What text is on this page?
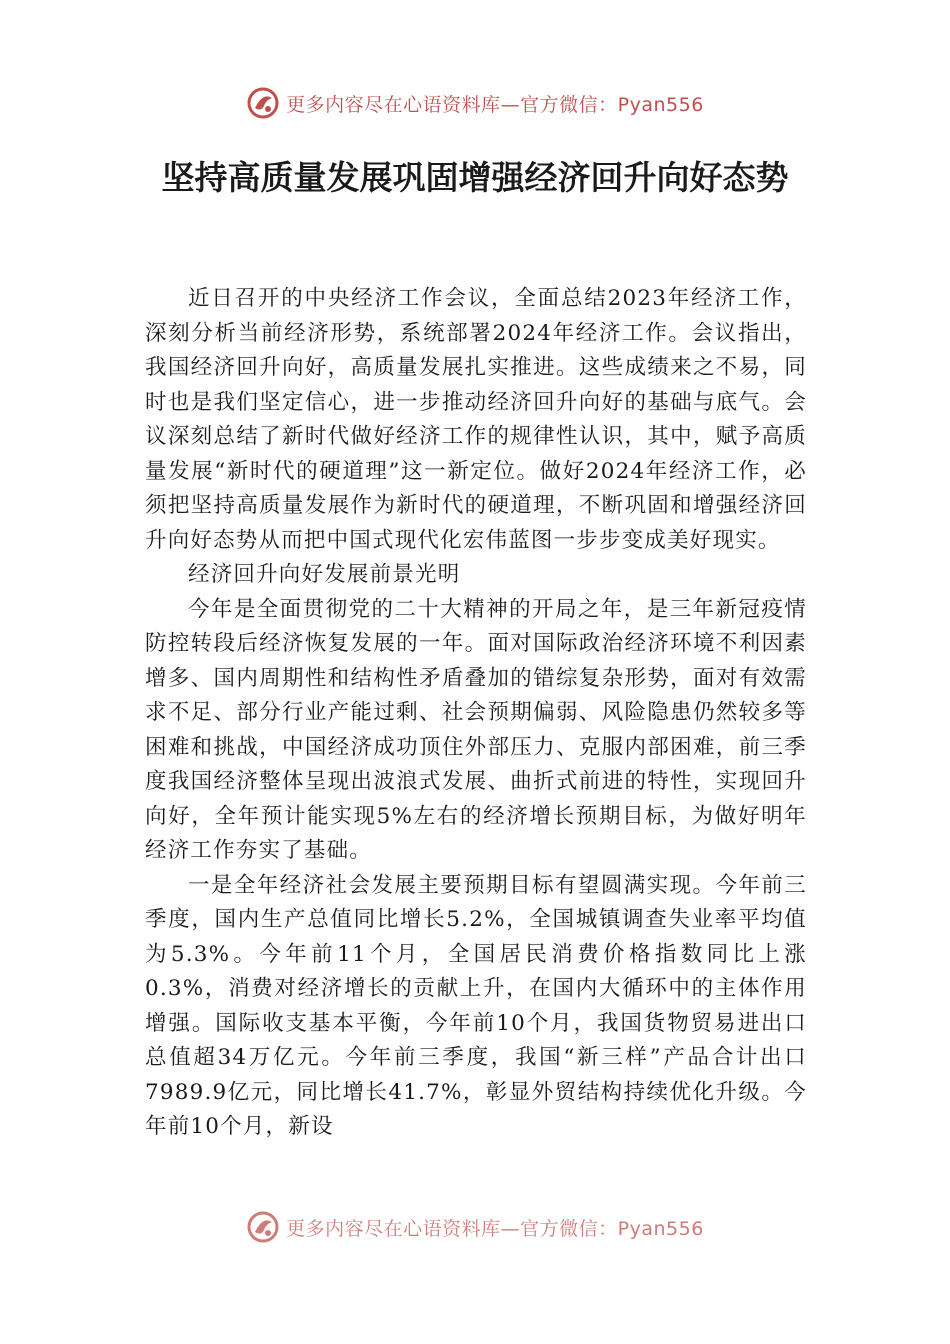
更多内容尽在心语资料库—官方微信：Pyan556
坚持高质量发展巩固增强经济回升向好态势

近日召开的中央经济工作会议，全面总结2023年经济工作，深刻分析当前经济形势，系统部署2024年经济工作。会议指出，我国经济回升向好，高质量发展扎实推进。这些成绩来之不易，同时也是我们坚定信心，进一步推动经济回升向好的基础与底气。会议深刻总结了新时代做好经济工作的规律性认识，其中，赋予高质量发展“新时代的硬道理”这一新定位。做好2024年经济工作，必须把坚持高质量发展作为新时代的硬道理，不断巩固和增强经济回升向好态势从而把中国式现代化宏伟蓝图一步步变成美好现实。

经济回升向好发展前景光明

今年是全面贯彻党的二十大精神的开局之年，是三年新冠疫情防控转段后经济恢复发展的一年。面对国际政治经济环境不利因素增多、国内周期性和结构性矛盾叠加的错综复杂形势，面对有效需求不足、部分行业产能过剩、社会预期偏弱、风险隐患仍然较多等困难和挑战，中国经济成功顶住外部压力、克服内部困难，前三季度我国经济整体呈现出波浪式发展、曲折式前进的特性，实现回升向好，全年预计能实现5%左右的经济增长预期目标，为做好明年经济工作夯实了基础。

一是全年经济社会发展主要预期目标有望圆满实现。今年前三季度，国内生产总值同比增长5.2%，全国城镇调查失业率平均值为5.3%。今年前11个月，全国居民消费价格指数同比上涨0.3%，消费对经济增长的贡献上升，在国内大循环中的主体作用增强。国际收支基本平衡，今年前10个月，我国货物贸易进出口总值超34万亿元。今年前三季度，我国“新三样”产品合计出口7989.9亿元，同比增长41.7%，彰显外贸结构持续优化升级。今年前10个月，新设

更多内容尽在心语资料库—官方微信：Pyan556
